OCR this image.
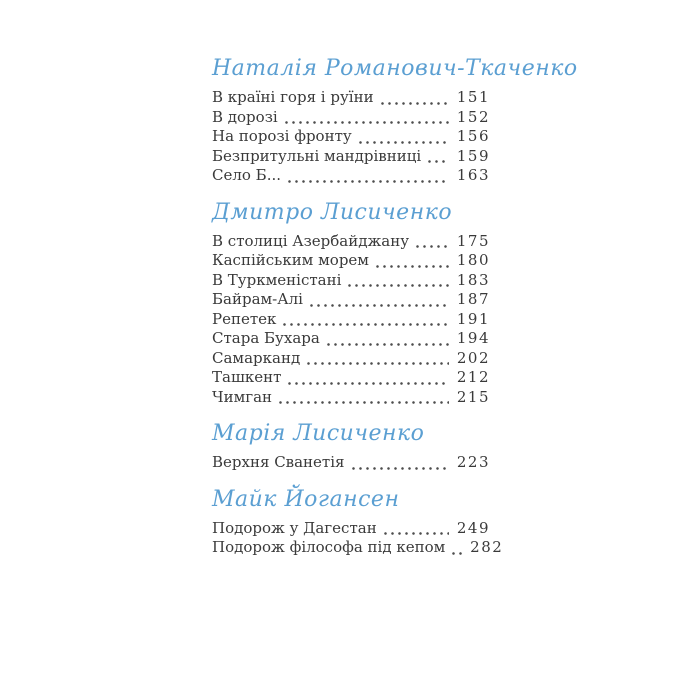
Наталія Романович-Ткаченко
В країні горя і руїни	151
В дорозі	152
На порозі фронту	156
Безпритульні мандрівниці 159
Село Б...	163
Дмитро Лисиченко
В столиці Азербайджану	175
Каспійським морем	180
В Туркменістані	183
Байрам-Алі	187
Репетек	191
Стара Бухара	194
Самарканд	202
Ташкент	212
Чимган	215
Марія Лисиченко
Верхня Сванетія	223
Майк Йогансен
Подорож у Дагестан	249
Подорож філософа під кепом 282
